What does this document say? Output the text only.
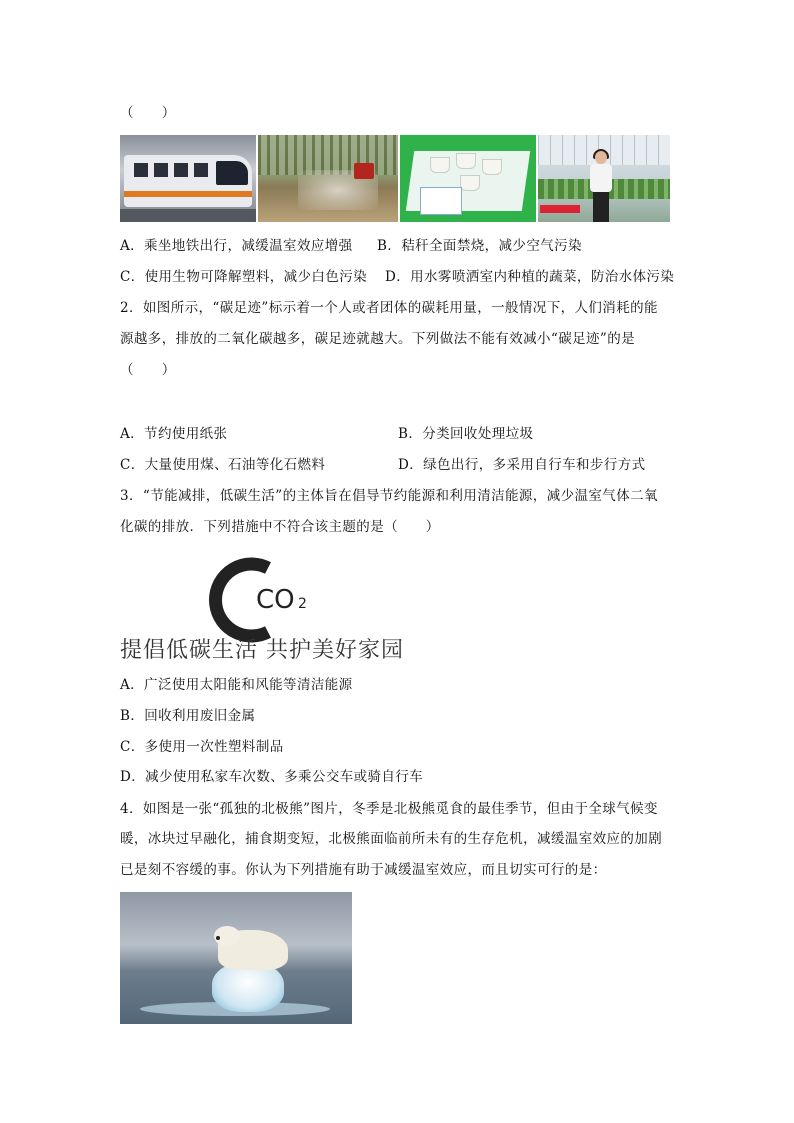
（　　）
A．乘坐地铁出行，减缓温室效应增强 B．秸秆全面禁烧，减少空气污染
C．使用生物可降解塑料，减少白色污染 D．用水雾喷洒室内种植的蔬菜，防治水体污染
2．如图所示，“碳足迹”标示着一个人或者团体的碳耗用量，一般情况下，人们消耗的能
源越多，排放的二氧化碳越多，碳足迹就越大。下列做法不能有效减小“碳足迹”的是
（　　）
A．节约使用纸张	B．分类回收处理垃圾
C．大量使用煤、石油等化石燃料	D．绿色出行，多采用自行车和步行方式
3．“节能减排，低碳生活”的主体旨在倡导节约能源和利用清洁能源，减少温室气体二氧
化碳的排放．下列措施中不符合该主题的是（　　）
CO 2
提倡低碳生活 共护美好家园
A．广泛使用太阳能和风能等清洁能源
B．回收利用废旧金属
C．多使用一次性塑料制品
D．减少使用私家车次数、多乘公交车或骑自行车
4．如图是一张“孤独的北极熊”图片，冬季是北极熊觅食的最佳季节，但由于全球气候变
暖，冰块过早融化，捕食期变短，北极熊面临前所未有的生存危机，减缓温室效应的加剧
已是刻不容缓的事。你认为下列措施有助于减缓温室效应，而且切实可行的是：
